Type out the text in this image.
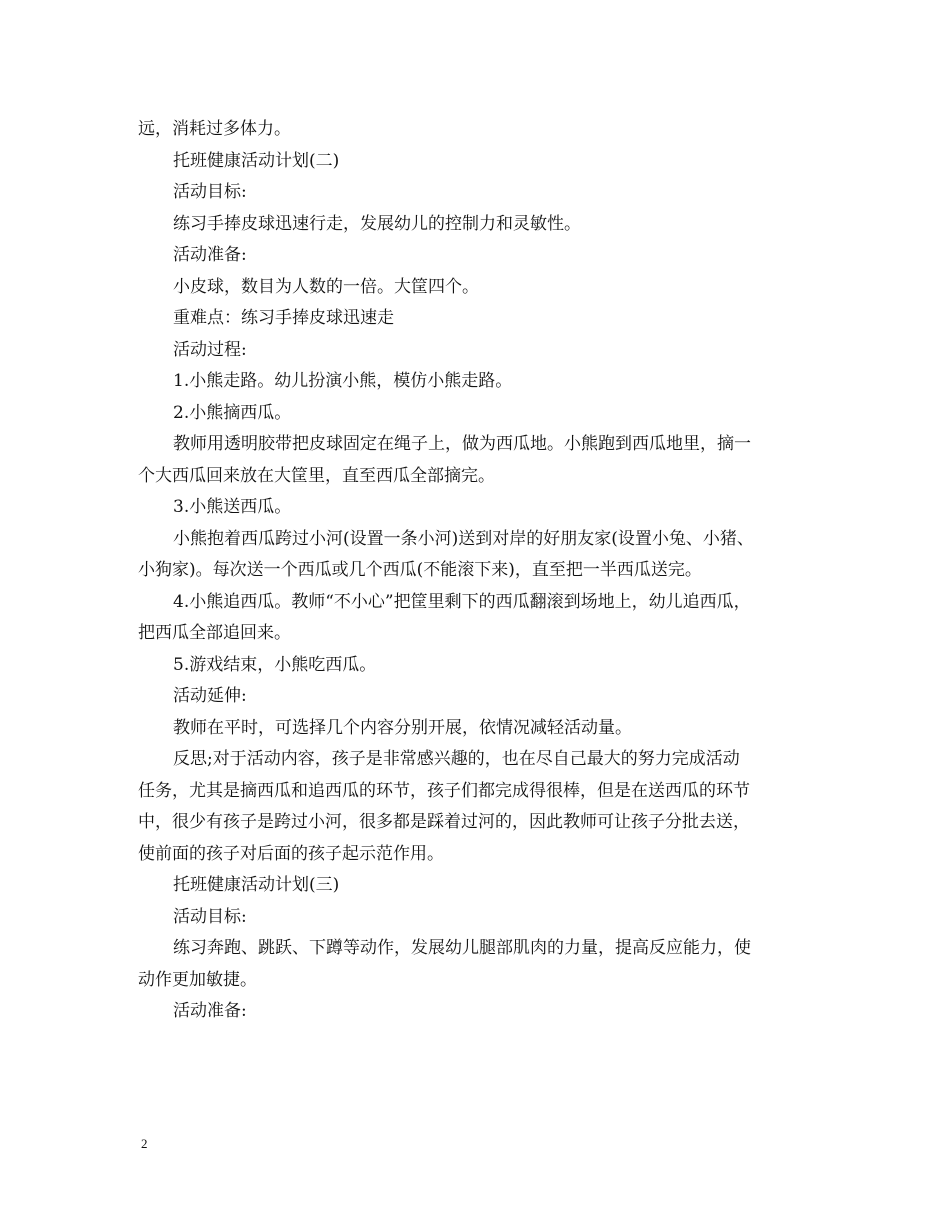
远，消耗过多体力。
托班健康活动计划(二)
活动目标:
练习手捧皮球迅速行走，发展幼儿的控制力和灵敏性。
活动准备:
小皮球，数目为人数的一倍。大筐四个。
重难点：练习手捧皮球迅速走
活动过程:
1.小熊走路。幼儿扮演小熊，模仿小熊走路。
2.小熊摘西瓜。
教师用透明胶带把皮球固定在绳子上，做为西瓜地。小熊跑到西瓜地里，摘一
个大西瓜回来放在大筐里，直至西瓜全部摘完。
3.小熊送西瓜。
小熊抱着西瓜跨过小河(设置一条小河)送到对岸的好朋友家(设置小兔、小猪、
小狗家)。每次送一个西瓜或几个西瓜(不能滚下来)，直至把一半西瓜送完。
4.小熊追西瓜。教师“不小心”把筐里剩下的西瓜翻滚到场地上，幼儿追西瓜，
把西瓜全部追回来。
5.游戏结束，小熊吃西瓜。
活动延伸:
教师在平时，可选择几个内容分别开展，依情况减轻活动量。
反思;对于活动内容，孩子是非常感兴趣的，也在尽自己最大的努力完成活动
任务，尤其是摘西瓜和追西瓜的环节，孩子们都完成得很棒，但是在送西瓜的环节
中，很少有孩子是跨过小河，很多都是踩着过河的，因此教师可让孩子分批去送，
使前面的孩子对后面的孩子起示范作用。
托班健康活动计划(三)
活动目标:
练习奔跑、跳跃、下蹲等动作，发展幼儿腿部肌肉的力量，提高反应能力，使
动作更加敏捷。
活动准备:
2
